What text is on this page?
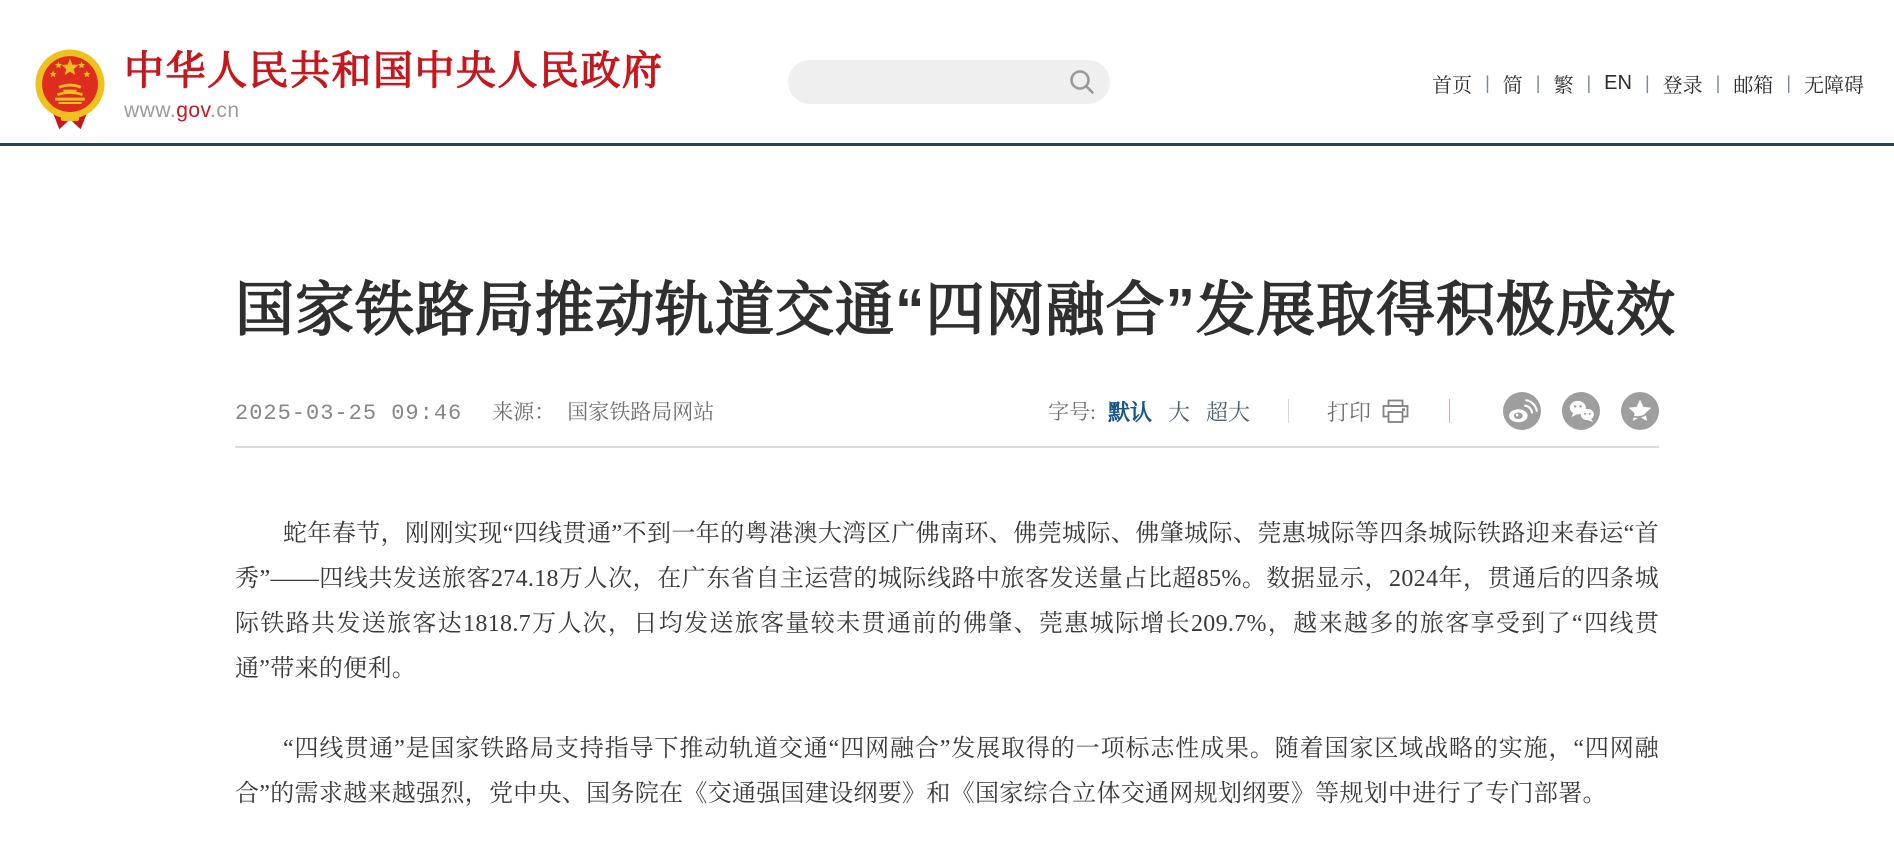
中华人民共和国中央人民政府
www.gov.cn
首页 | 简 | 繁 | EN | 登录 | 邮箱 | 无障碍
国家铁路局推动轨道交通“四网融合”发展取得积极成效
2025-03-25 09:46 来源： 国家铁路局网站	字号: 默认 大 超大	打印

蛇年春节，刚刚实现“四线贯通”不到一年的粤港澳大湾区广佛南环、佛莞城际、佛肇城际、莞惠城际等四条城际铁路迎来春运“首秀”——四线共发送旅客274.18万人次，在广东省自主运营的城际线路中旅客发送量占比超85%。数据显示，2024年，贯通后的四条城际铁路共发送旅客达1818.7万人次，日均发送旅客量较未贯通前的佛肇、莞惠城际增长209.7%，越来越多的旅客享受到了“四线贯通”带来的便利。

“四线贯通”是国家铁路局支持指导下推动轨道交通“四网融合”发展取得的一项标志性成果。随着国家区域战略的实施，“四网融合”的需求越来越强烈，党中央、国务院在《交通强国建设纲要》和《国家综合立体交通网规划纲要》等规划中进行了专门部署。
